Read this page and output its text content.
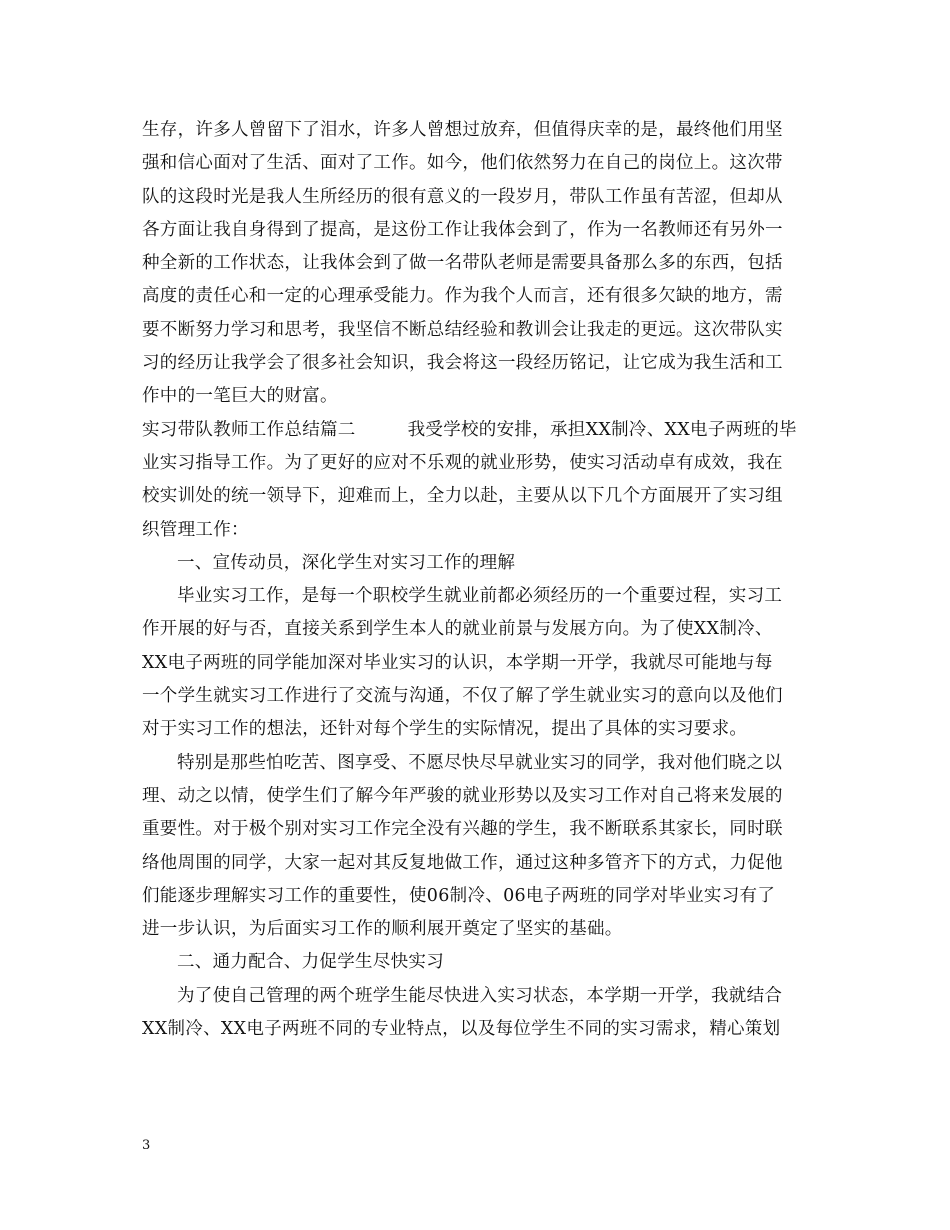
生存，许多人曾留下了泪水，许多人曾想过放弃，但值得庆幸的是，最终他们用坚
强和信心面对了生活、面对了工作。如今，他们依然努力在自己的岗位上。这次带
队的这段时光是我人生所经历的很有意义的一段岁月，带队工作虽有苦涩，但却从
各方面让我自身得到了提高，是这份工作让我体会到了，作为一名教师还有另外一
种全新的工作状态，让我体会到了做一名带队老师是需要具备那么多的东西，包括
高度的责任心和一定的心理承受能力。作为我个人而言，还有很多欠缺的地方，需
要不断努力学习和思考，我坚信不断总结经验和教训会让我走的更远。这次带队实
习的经历让我学会了很多社会知识，我会将这一段经历铭记，让它成为我生活和工
作中的一笔巨大的财富。
实习带队教师工作总结篇二	我受学校的安排，承担XX制冷、XX电子两班的毕
业实习指导工作。为了更好的应对不乐观的就业形势，使实习活动卓有成效，我在
校实训处的统一领导下，迎难而上，全力以赴，主要从以下几个方面展开了实习组
织管理工作：
一、宣传动员，深化学生对实习工作的理解
毕业实习工作，是每一个职校学生就业前都必须经历的一个重要过程，实习工
作开展的好与否，直接关系到学生本人的就业前景与发展方向。为了使XX制冷、
XX电子两班的同学能加深对毕业实习的认识，本学期一开学，我就尽可能地与每
一个学生就实习工作进行了交流与沟通，不仅了解了学生就业实习的意向以及他们
对于实习工作的想法，还针对每个学生的实际情况，提出了具体的实习要求。
特别是那些怕吃苦、图享受、不愿尽快尽早就业实习的同学，我对他们晓之以
理、动之以情，使学生们了解今年严骏的就业形势以及实习工作对自己将来发展的
重要性。对于极个别对实习工作完全没有兴趣的学生，我不断联系其家长，同时联
络他周围的同学，大家一起对其反复地做工作，通过这种多管齐下的方式，力促他
们能逐步理解实习工作的重要性，使06制冷、06电子两班的同学对毕业实习有了
进一步认识，为后面实习工作的顺利展开奠定了坚实的基础。
二、通力配合、力促学生尽快实习
为了使自己管理的两个班学生能尽快进入实习状态，本学期一开学，我就结合
XX制冷、XX电子两班不同的专业特点，以及每位学生不同的实习需求，精心策划
3
